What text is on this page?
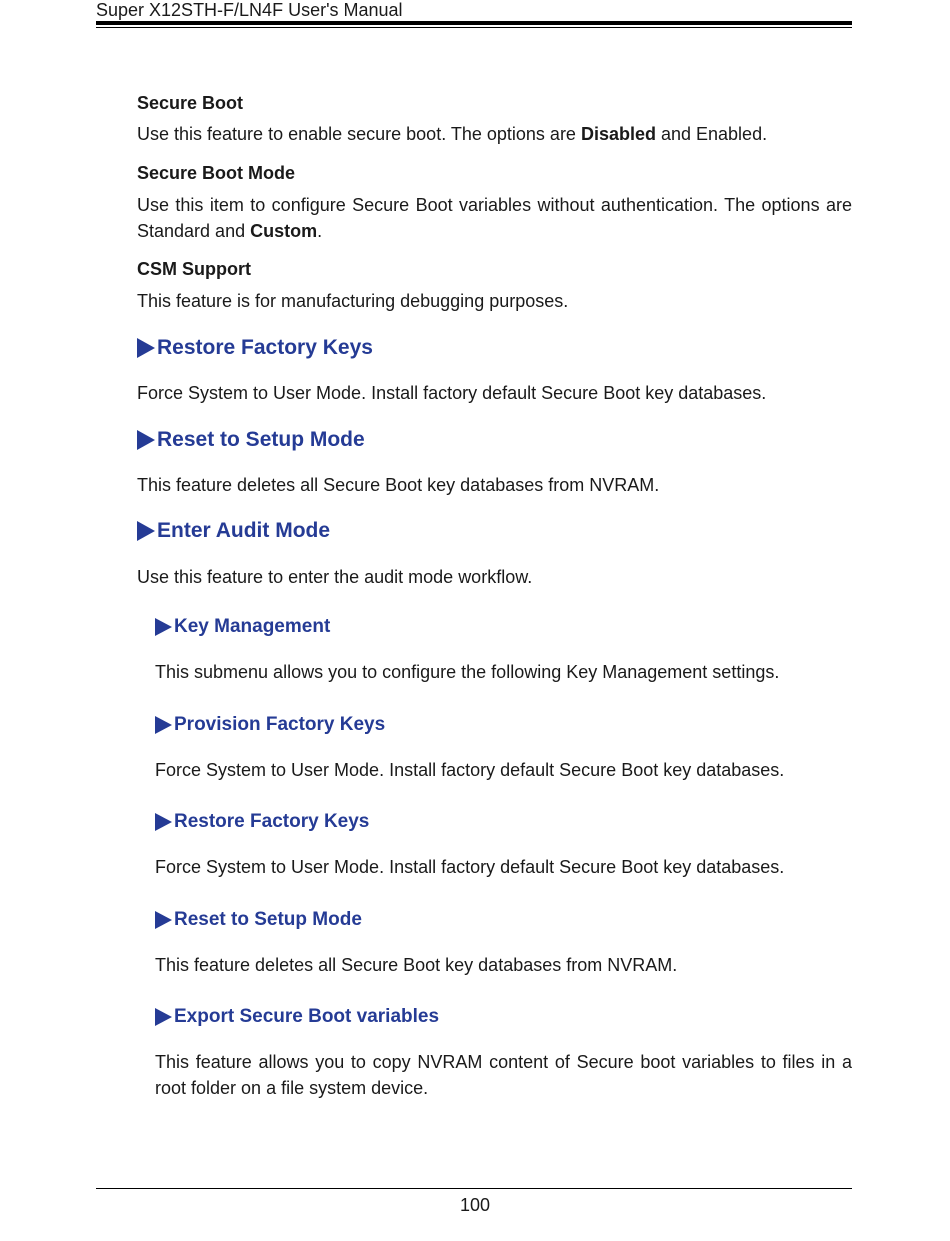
Super X12STH-F/LN4F User's Manual
Secure Boot
Use this feature to enable secure boot. The options are Disabled and Enabled.
Secure Boot Mode
Use this item to configure Secure Boot variables without authentication. The options are Standard and Custom.
CSM Support
This feature is for manufacturing debugging purposes.
Restore Factory Keys
Force System to User Mode. Install factory default Secure Boot key databases.
Reset to Setup Mode
This feature deletes all Secure Boot key databases from NVRAM.
Enter Audit Mode
Use this feature to enter the audit mode workflow.
Key Management
This submenu allows you to configure the following Key Management settings.
Provision Factory Keys
Force System to User Mode. Install factory default Secure Boot key databases.
Restore Factory Keys
Force System to User Mode. Install factory default Secure Boot key databases.
Reset to Setup Mode
This feature deletes all Secure Boot key databases from NVRAM.
Export Secure Boot variables
This feature allows you to copy NVRAM content of Secure boot variables to files in a root folder on a file system device.
100
